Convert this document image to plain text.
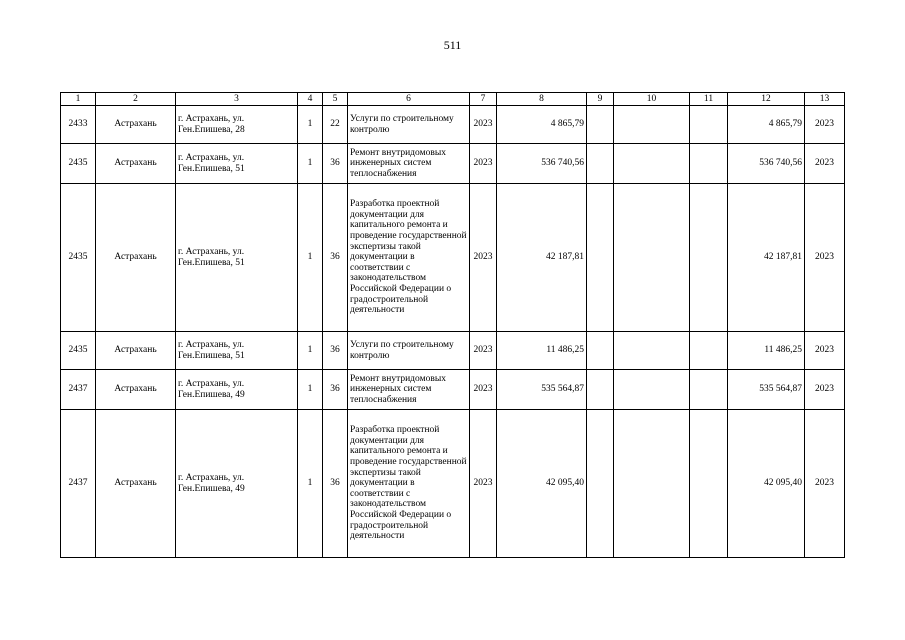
511
1	2	3	4	5	6	7	8	9	10	11	12	13
2433	Астрахань	г. Астрахань, ул. Ген.Епишева, 28	1	22	Услуги по строительному контролю	2023	4 865,79				4 865,79	2023
2435	Астрахань	г. Астрахань, ул. Ген.Епишева, 51	1	36	Ремонт внутридомовых инженерных систем теплоснабжения	2023	536 740,56				536 740,56	2023
2435	Астрахань	г. Астрахань, ул. Ген.Епишева, 51	1	36	Разработка проектной документации для капитального ремонта и проведение государственной экспертизы такой документации в соответствии с законодательством Российской Федерации о градостроительной деятельности	2023	42 187,81				42 187,81	2023
2435	Астрахань	г. Астрахань, ул. Ген.Епишева, 51	1	36	Услуги по строительному контролю	2023	11 486,25				11 486,25	2023
2437	Астрахань	г. Астрахань, ул. Ген.Епишева, 49	1	36	Ремонт внутридомовых инженерных систем теплоснабжения	2023	535 564,87				535 564,87	2023
2437	Астрахань	г. Астрахань, ул. Ген.Епишева, 49	1	36	Разработка проектной документации для капитального ремонта и проведение государственной экспертизы такой документации в соответствии с законодательством Российской Федерации о градостроительной деятельности	2023	42 095,40				42 095,40	2023
